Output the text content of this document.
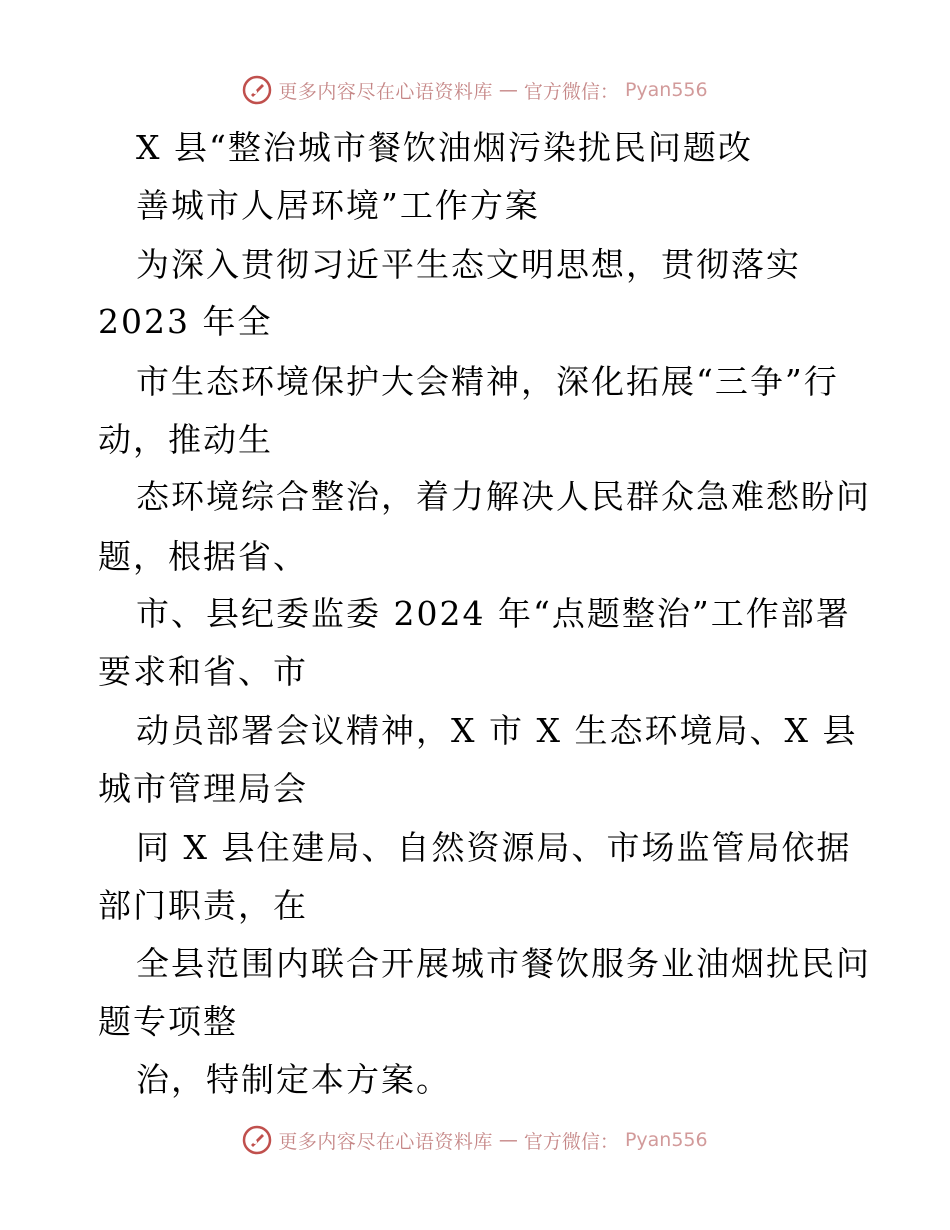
更多内容尽在心语资料库 — 官方微信： Pyan556
X 县“整治城市餐饮油烟污染扰民问题改
善城市人居环境”工作方案
为深入贯彻习近平生态文明思想，贯彻落实
2023 年全
市生态环境保护大会精神，深化拓展“三争”行
动，推动生
态环境综合整治，着力解决人民群众急难愁盼问
题，根据省、
市、县纪委监委 2024 年“点题整治”工作部署
要求和省、市
动员部署会议精神，X 市 X 生态环境局、X 县
城市管理局会
同 X 县住建局、自然资源局、市场监管局依据
部门职责，在
全县范围内联合开展城市餐饮服务业油烟扰民问
题专项整
治，特制定本方案。
更多内容尽在心语资料库 — 官方微信： Pyan556
